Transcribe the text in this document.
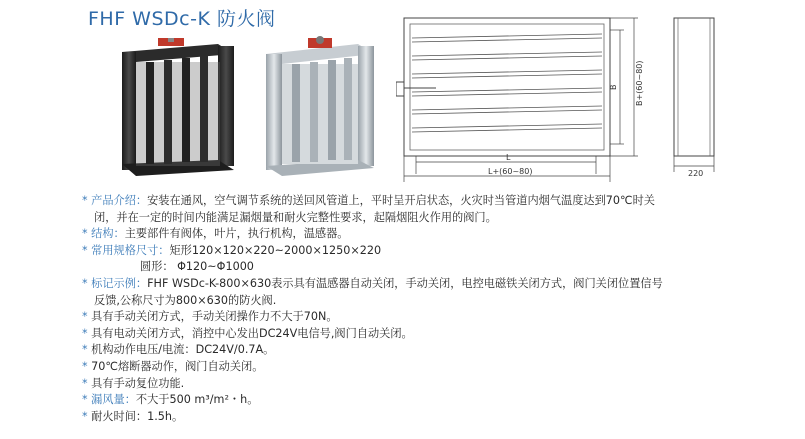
FHF WSDc-K 防火阀
L
L+(60~80)
B B+(60~80)
220
* 产品介绍：安装在通风，空气调节系统的送回风管道上，平时呈开启状态，火灾时当管道内烟气温度达到70℃时关
闭，并在一定的时间内能满足漏烟量和耐火完整性要求，起隔烟阻火作用的阀门。
* 结构：主要部件有阀体，叶片，执行机构，温感器。
* 常用规格尺寸：矩形120×120×220~2000×1250×220
圆形： Φ120~Φ1000
* 标记示例：FHF WSDc-K-800×630表示具有温感器自动关闭，手动关闭，电控电磁铁关闭方式，阀门关闭位置信号
反馈,公称尺寸为800×630的防火阀.
* 具有手动关闭方式，手动关闭操作力不大于70N。
* 具有电动关闭方式，消控中心发出DC24V电信号,阀门自动关闭。
* 机构动作电压/电流：DC24V/0.7A。
* 70℃熔断器动作，阀门自动关闭。
* 具有手动复位功能.
* 漏风量：不大于500 m³/m²・h。
* 耐火时间：1.5h。
